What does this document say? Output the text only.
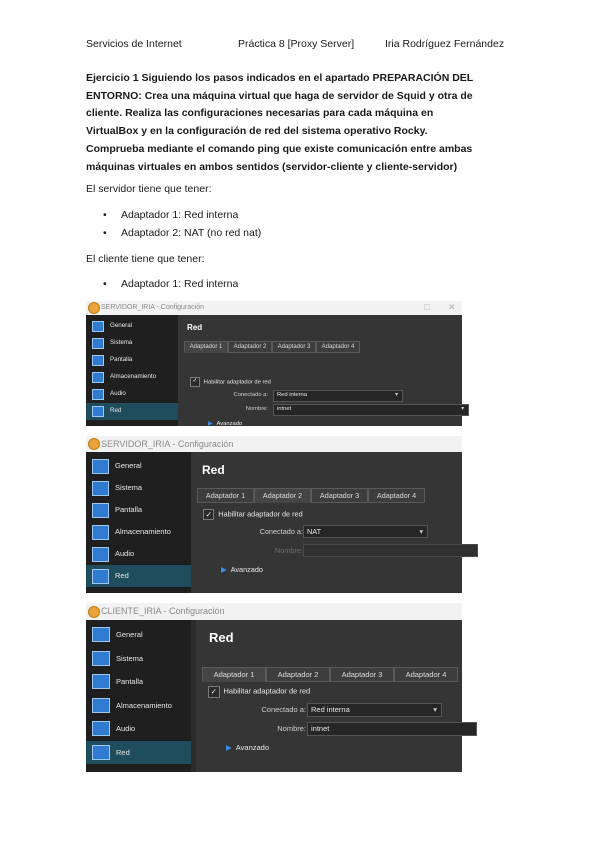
Servicios de Internet	Práctica 8 [Proxy Server]	Iria Rodríguez Fernández
Ejercicio 1 Siguiendo los pasos indicados en el apartado PREPARACIÓN DEL
ENTORNO: Crea una máquina virtual que haga de servidor de Squid y otra de
cliente. Realiza las configuraciones necesarias para cada máquina en
VirtualBox y en la configuración de red del sistema operativo Rocky.
Comprueba mediante el comando ping que existe comunicación entre ambas
máquinas virtuales en ambos sentidos (servidor-cliente y cliente-servidor)
El servidor tiene que tener:
• Adaptador 1: Red interna
• Adaptador 2: NAT (no red nat)
El cliente tiene que tener:
• Adaptador 1: Red interna
SERVIDOR_IRIA - Configuración	□ ✕
General
Sistema
Pantalla
Almacenamiento
Audio
Red
Red
Adaptador 1	Adaptador 2	Adaptador 3	Adaptador 4
✓ Habilitar adaptador de red
Conectado a:	Red interna	▾
Nombre:	intnet	▾
▶ Avanzado
SERVIDOR_IRIA - Configuración
General
Sistema
Pantalla
Almacenamiento
Audio
Red
Red
Adaptador 1	Adaptador 2	Adaptador 3	Adaptador 4
✓ Habilitar adaptador de red
Conectado a: NAT	▾
Nombre:
▶ Avanzado
CLIENTE_IRIA - Configuración
General
Sistema
Pantalla
Almacenamiento
Audio
Red
Red
Adaptador 1	Adaptador 2	Adaptador 3	Adaptador 4
✓ Habilitar adaptador de red
Conectado a: Red interna	▾
Nombre: intnet
▶ Avanzado
